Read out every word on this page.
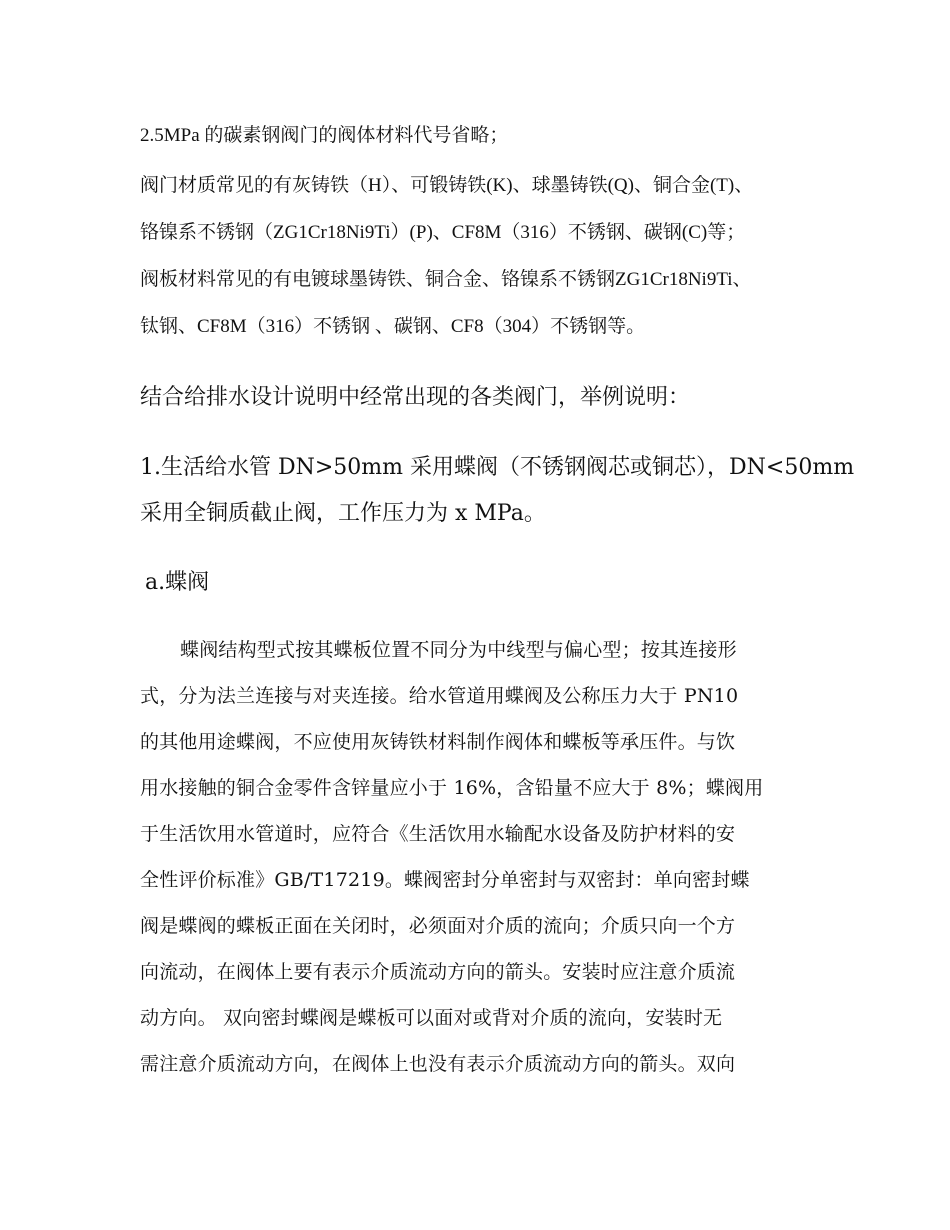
2.5MPa 的碳素钢阀门的阀体材料代号省略；

阀门材质常见的有灰铸铁（H）、可锻铸铁(K)、球墨铸铁(Q)、铜合金(T)、

铬镍系不锈钢（ZG1Cr18Ni9Ti）(P)、CF8M（316）不锈钢、碳钢(C)等；

阀板材料常见的有电镀球墨铸铁、铜合金、铬镍系不锈钢ZG1Cr18Ni9Ti、

钛钢、CF8M（316）不锈钢 、碳钢、CF8（304）不锈钢等。

结合给排水设计说明中经常出现的各类阀门，举例说明：

1.生活给水管 DN>50mm 采用蝶阀（不锈钢阀芯或铜芯），DN<50mm

采用全铜质截止阀，工作压力为 x MPa。

a.蝶阀

蝶阀结构型式按其蝶板位置不同分为中线型与偏心型；按其连接形

式，分为法兰连接与对夹连接。给水管道用蝶阀及公称压力大于 PN10

的其他用途蝶阀，不应使用灰铸铁材料制作阀体和蝶板等承压件。与饮

用水接触的铜合金零件含锌量应小于 16%，含铅量不应大于 8%；蝶阀用

于生活饮用水管道时，应符合《生活饮用水输配水设备及防护材料的安

全性评价标准》GB/T17219。蝶阀密封分单密封与双密封：单向密封蝶

阀是蝶阀的蝶板正面在关闭时，必须面对介质的流向；介质只向一个方

向流动，在阀体上要有表示介质流动方向的箭头。安装时应注意介质流

动方向。 双向密封蝶阀是蝶板可以面对或背对介质的流向，安装时无

需注意介质流动方向，在阀体上也没有表示介质流动方向的箭头。双向
